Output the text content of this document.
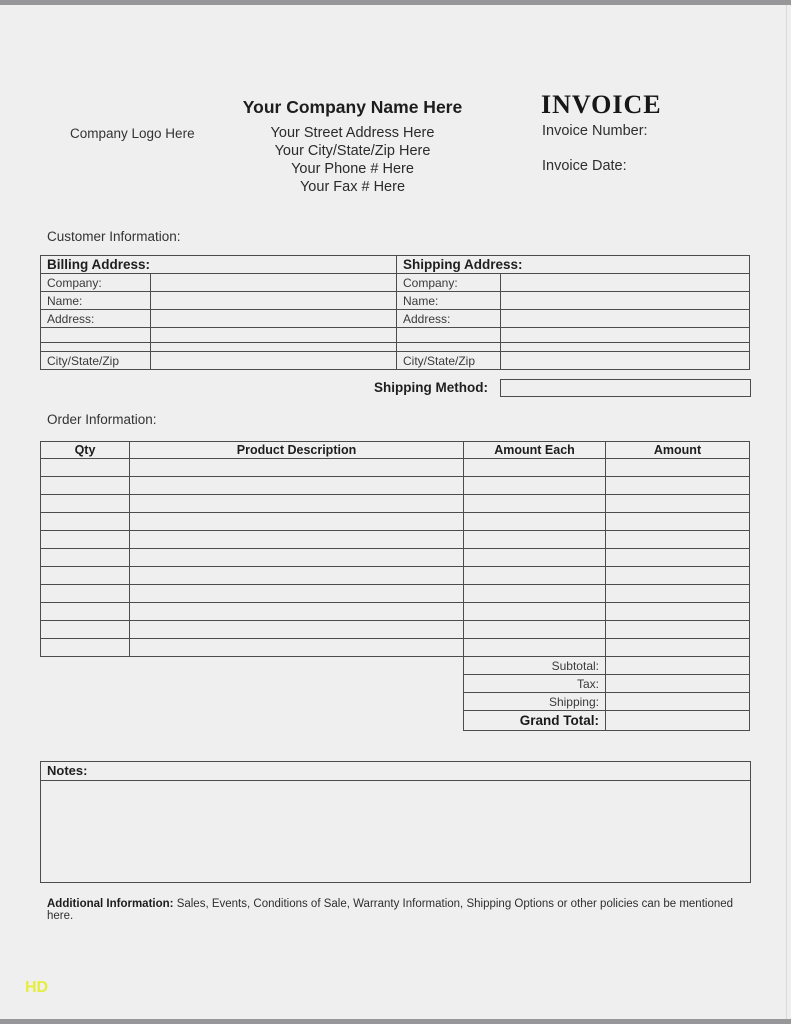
Company Logo Here
Your Company Name Here
Your Street Address Here
Your City/State/Zip Here
Your Phone # Here
Your Fax # Here
INVOICE
Invoice Number:
Invoice Date:
Customer Information:
Billing Address:		Shipping Address:	
Company:		Company:	
Name:		Name:	
Address:		Address:	

City/State/Zip		City/State/Zip	
Shipping Method:
Order Information:
Qty	Product Description	Amount Each	Amount

Subtotal:	
Tax:	
Shipping:	
Grand Total:	
Notes:
Additional Information: Sales, Events, Conditions of Sale, Warranty Information, Shipping Options or other policies can be mentioned here.
HD
